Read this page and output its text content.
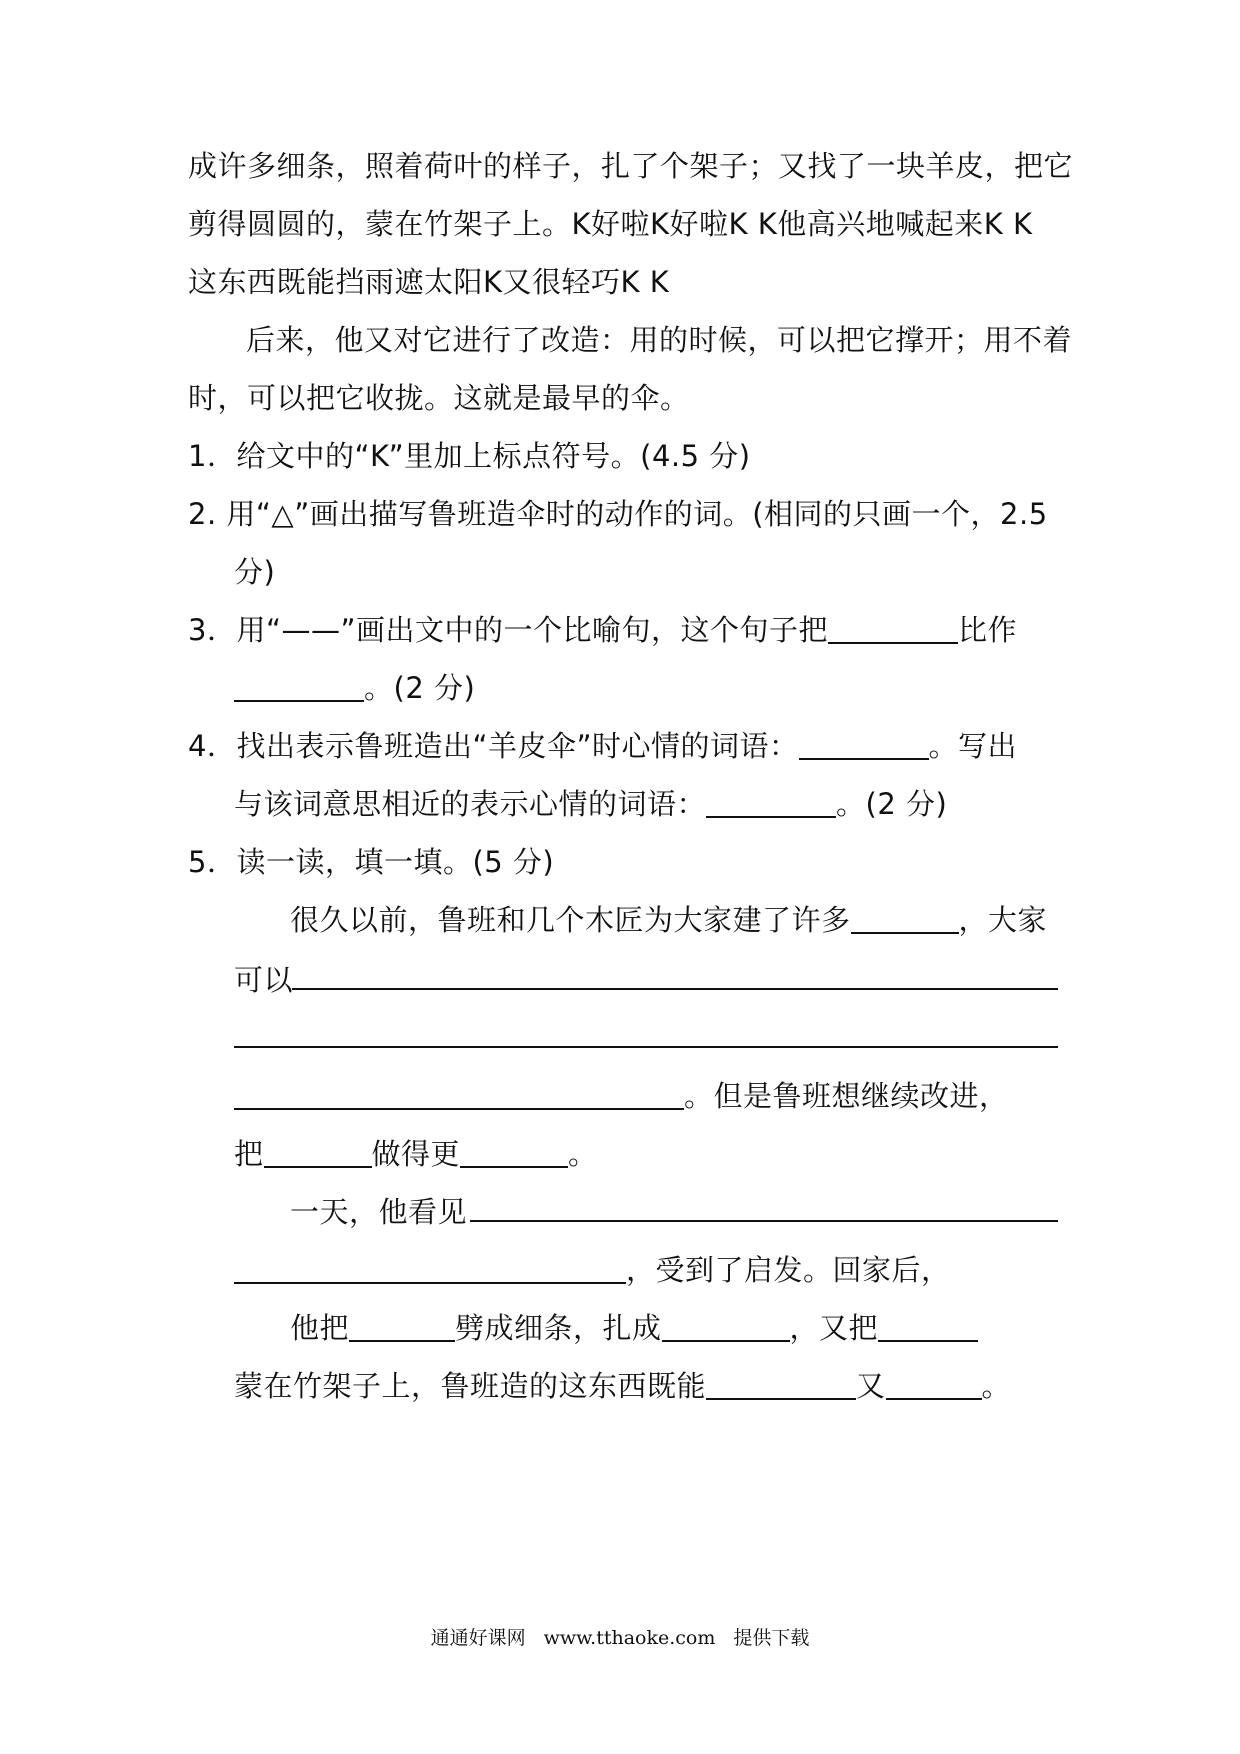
成许多细条，照着荷叶的样子，扎了个架子；又找了一块羊皮，把它
剪得圆圆的，蒙在竹架子上。K好啦K好啦K K他高兴地喊起来K K
这东西既能挡雨遮太阳K又很轻巧K K
后来，他又对它进行了改造：用的时候，可以把它撑开；用不着
时，可以把它收拢。这就是最早的伞。
1．给文中的“K”里加上标点符号。(4.5 分)
2. 用“△”画出描写鲁班造伞时的动作的词。(相同的只画一个，2.5
分)
3．用“——”画出文中的一个比喻句，这个句子把	比作
。(2 分)
4．找出表示鲁班造出“羊皮伞”时心情的词语：	。写出
与该词意思相近的表示心情的词语：	。(2 分)
5．读一读，填一填。(5 分)
很久以前，鲁班和几个木匠为大家建了许多	，大家
可以
。但是鲁班想继续改进，
把	做得更	。
一天，他看见
，受到了启发。回家后，
他把	劈成细条，扎成	，又把
蒙在竹架子上，鲁班造的这东西既能	又	。
通通好课网 www.tthaoke.com 提供下载
